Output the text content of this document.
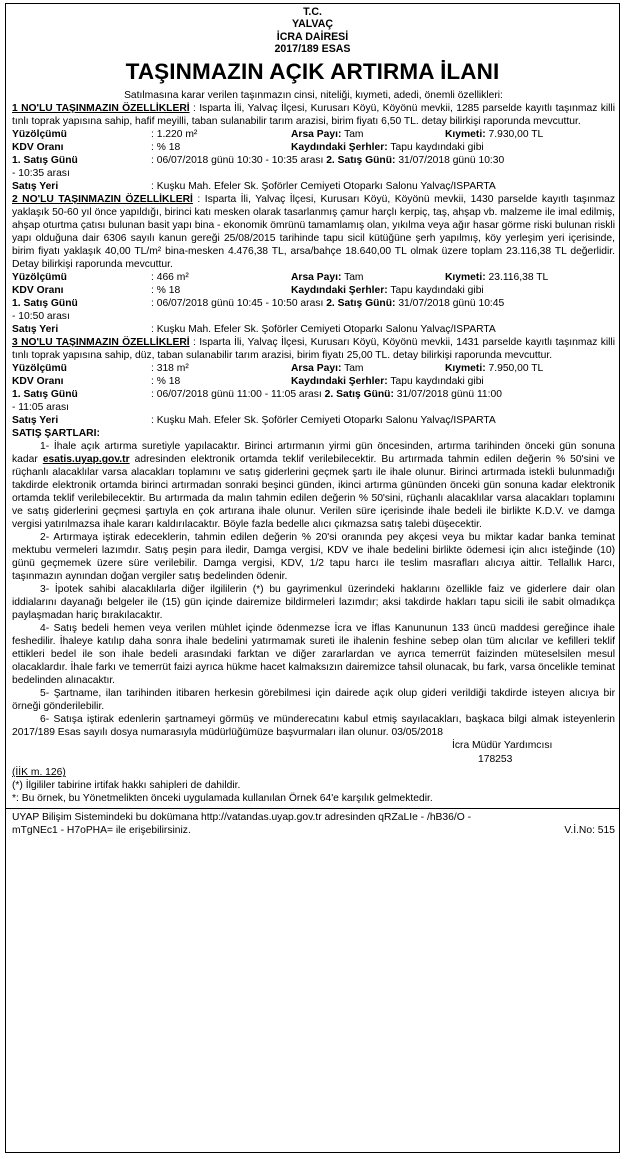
T.C.
YALVAÇ
İCRA DAİRESİ
2017/189 ESAS
TAŞINMAZIN AÇIK ARTIRMA İLANI

Satılmasına karar verilen taşınmazın cinsi, niteliği, kıymeti, adedi, önemli özellikleri:

1 NO'LU TAŞINMAZIN ÖZELLİKLERİ : Isparta İli, Yalvaç İlçesi, Kurusarı Köyü, Köyönü mevkii, 1285 parselde kayıtlı taşınmaz killi tınlı toprak yapısına sahip, hafif meyilli, taban sulanabilir tarım arazisi, birim fiyatı 6,50 TL. detay bilirkişi raporunda mevcuttur.

Yüzölçümü	: 1.220 m²	Arsa Payı: Tam	Kıymeti: 7.930,00 TL
KDV Oranı	: % 18	Kaydındaki Şerhler: Tapu kaydındaki gibi
1. Satış Günü	: 06/07/2018 günü 10:30 - 10:35 arası
2. Satış Günü: 31/07/2018 günü 10:30
- 10:35 arası
Satış Yeri	: Kuşku Mah. Efeler Sk. Şoförler Cemiyeti Otoparkı Salonu Yalvaç/ISPARTA

2 NO'LU TAŞINMAZIN ÖZELLİKLERİ : Isparta İli, Yalvaç İlçesi, Kurusarı Köyü, Köyönü mevkii, 1430 parselde kayıtlı taşınmaz yaklaşık 50-60 yıl önce yapıldığı, birinci katı mesken olarak tasarlanmış çamur harçlı kerpiç, taş, ahşap vb. malzeme ile imal edilmiş, ahşap oturtma çatısı bulunan basit yapı bina - ekonomik ömrünü tamamlamış olan, yıkılma veya ağır hasar görme riski bulunan riskli yapı olduğuna dair 6306 sayılı kanun gereği 25/08/2015 tarihinde tapu sicil kütüğüne şerh yapılmış, köy yerleşim yeri içerisinde, birim fiyatı yaklaşık 40,00 TL/m² bina-mesken 4.476,38 TL, arsa/bahçe 18.640,00 TL olmak üzere toplam 23.116,38 TL değerlidir. Detay bilirkişi raporunda mevcuttur.

Yüzölçümü	: 466 m²	Arsa Payı: Tam	Kıymeti: 23.116,38 TL
KDV Oranı	: % 18	Kaydındaki Şerhler: Tapu kaydındaki gibi
1. Satış Günü	: 06/07/2018 günü 10:45 - 10:50 arası
2. Satış Günü: 31/07/2018 günü 10:45
- 10:50 arası
Satış Yeri	: Kuşku Mah. Efeler Sk. Şoförler Cemiyeti Otoparkı Salonu Yalvaç/ISPARTA

3 NO'LU TAŞINMAZIN ÖZELLİKLERİ : Isparta İli, Yalvaç İlçesi, Kurusarı Köyü, Köyönü mevkii, 1431 parselde kayıtlı taşınmaz killi tınlı toprak yapısına sahip, düz, taban sulanabilir tarım arazisi, birim fiyatı 25,00 TL. detay bilirkişi raporunda mevcuttur.

Yüzölçümü	: 318 m²	Arsa Payı: Tam	Kıymeti: 7.950,00 TL
KDV Oranı	: % 18	Kaydındaki Şerhler: Tapu kaydındaki gibi
1. Satış Günü	: 06/07/2018 günü 11:00 - 11:05 arası
2. Satış Günü: 31/07/2018 günü 11:00
- 11:05 arası
Satış Yeri	: Kuşku Mah. Efeler Sk. Şoförler Cemiyeti Otoparkı Salonu Yalvaç/ISPARTA

SATIŞ ŞARTLARI:

1- İhale açık artırma suretiyle yapılacaktır. Birinci artırmanın yirmi gün öncesinden, artırma tarihinden önceki gün sonuna kadar esatis.uyap.gov.tr adresinden elektronik ortamda teklif verilebilecektir. Bu artırmada tahmin edilen değerin % 50'sini ve rüçhanlı alacaklılar varsa alacakları toplamını ve satış giderlerini geçmek şartı ile ihale olunur. Birinci artırmada istekli bulunmadığı takdirde elektronik ortamda birinci artırmadan sonraki beşinci günden, ikinci artırma gününden önceki gün sonuna kadar elektronik ortamda teklif verilebilecektir. Bu artırmada da malın tahmin edilen değerin % 50'sini, rüçhanlı alacaklılar varsa alacakları toplamını ve satış giderlerini geçmesi şartıyla en çok artırana ihale olunur. Verilen süre içerisinde ihale bedeli ile birlikte K.D.V. ve damga vergisi yatırılmazsa ihale kararı kaldırılacaktır. Böyle fazla bedelle alıcı çıkmazsa satış talebi düşecektir.

2- Artırmaya iştirak edeceklerin, tahmin edilen değerin % 20'si oranında pey akçesi veya bu miktar kadar banka teminat mektubu vermeleri lazımdır. Satış peşin para iledir, Damga vergisi, KDV ve ihale bedelini birlikte ödemesi için alıcı isteğinde (10) günü geçmemek üzere süre verilebilir. Damga vergisi, KDV, 1/2 tapu harcı ile teslim masrafları alıcıya aittir. Tellallık Harcı, taşınmazın aynından doğan vergiler satış bedelinden ödenir.

3- İpotek sahibi alacaklılarla diğer ilgililerin (*) bu gayrimenkul üzerindeki haklarını özellikle faiz ve giderlere dair olan iddialarını dayanağı belgeler ile (15) gün içinde dairemize bildirmeleri lazımdır; aksi takdirde hakları tapu sicili ile sabit olmadıkça paylaşmadan hariç bırakılacaktır.

4- Satış bedeli hemen veya verilen mühlet içinde ödenmezse İcra ve İflas Kanununun 133 üncü maddesi gereğince ihale feshedilir. İhaleye katılıp daha sonra ihale bedelini yatırmamak sureti ile ihalenin feshine sebep olan tüm alıcılar ve kefilleri teklif ettikleri bedel ile son ihale bedeli arasındaki farktan ve diğer zararlardan ve ayrıca temerrüt faizinden müteselsilen mesul olacaklardır. İhale farkı ve temerrüt faizi ayrıca hükme hacet kalmaksızın dairemizce tahsil olunacak, bu fark, varsa öncelikle teminat bedelinden alınacaktır.

5- Şartname, ilan tarihinden itibaren herkesin görebilmesi için dairede açık olup gideri verildiği takdirde isteyen alıcıya bir örneği gönderilebilir.

6- Satışa iştirak edenlerin şartnameyi görmüş ve münderecatını kabul etmiş sayılacakları, başkaca bilgi almak isteyenlerin 2017/189 Esas sayılı dosya numarasıyla müdürlüğümüze başvurmaları ilan olunur. 03/05/2018

İcra Müdür Yardımcısı
178253
(İİK m. 126)
(*) İlgililer tabirine irtifak hakkı sahipleri de dahildir.
*: Bu örnek, bu Yönetmelikten önceki uygulamada kullanılan Örnek 64'e karşılık gelmektedir.
UYAP Bilişim Sistemindeki bu dokümana http://vatandas.uyap.gov.tr adresinden qRZaLIe - /hB36/O -
mTgNEc1 - H7oPHA= ile erişebilirsiniz.	V.İ.No: 515
